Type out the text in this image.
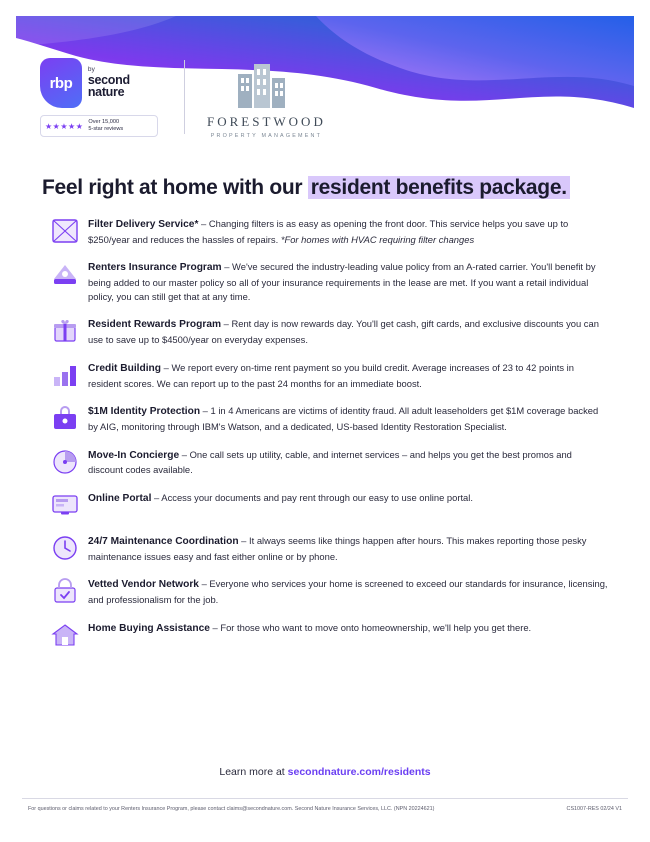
rbp
by
second nature
★★★★★ Over 15,000
5-star reviews	FORESTWOOD
PROPERTY MANAGEMENT
Feel right at home with our resident benefits package.
Filter Delivery Service* – Changing filters is as easy as opening the front door. This service helps you save up to $250/year and reduces the hassles of repairs. *For homes with HVAC requiring filter changes
Renters Insurance Program – We've secured the industry-leading value policy from an A-rated carrier. You'll benefit by being added to our master policy so all of your insurance requirements in the lease are met. If you want a retail individual policy, you can still get that at any time.
Resident Rewards Program – Rent day is now rewards day. You'll get cash, gift cards, and exclusive discounts you can use to save up to $4500/year on everyday expenses.
Credit Building – We report every on-time rent payment so you build credit. Average increases of 23 to 42 points in resident scores. We can report up to the past 24 months for an immediate boost.
$1M Identity Protection – 1 in 4 Americans are victims of identity fraud. All adult leaseholders get $1M coverage backed by AIG, monitoring through IBM's Watson, and a dedicated, US-based Identity Restoration Specialist.
Move-In Concierge – One call sets up utility, cable, and internet services – and helps you get the best promos and discount codes available.
Online Portal – Access your documents and pay rent through our easy to use online portal.
24/7 Maintenance Coordination – It always seems like things happen after hours. This makes reporting those pesky maintenance issues easy and fast either online or by phone.
Vetted Vendor Network – Everyone who services your home is screened to exceed our standards for insurance, licensing, and professionalism for the job.
Home Buying Assistance – For those who want to move onto homeownership, we'll help you get there.
Learn more at secondnature.com/residents
For questions or claims related to your Renters Insurance Program, please contact claims@secondnature.com. Second Nature Insurance Services, LLC. (NPN 20224621)	CS1007-RES 02/24 V1
